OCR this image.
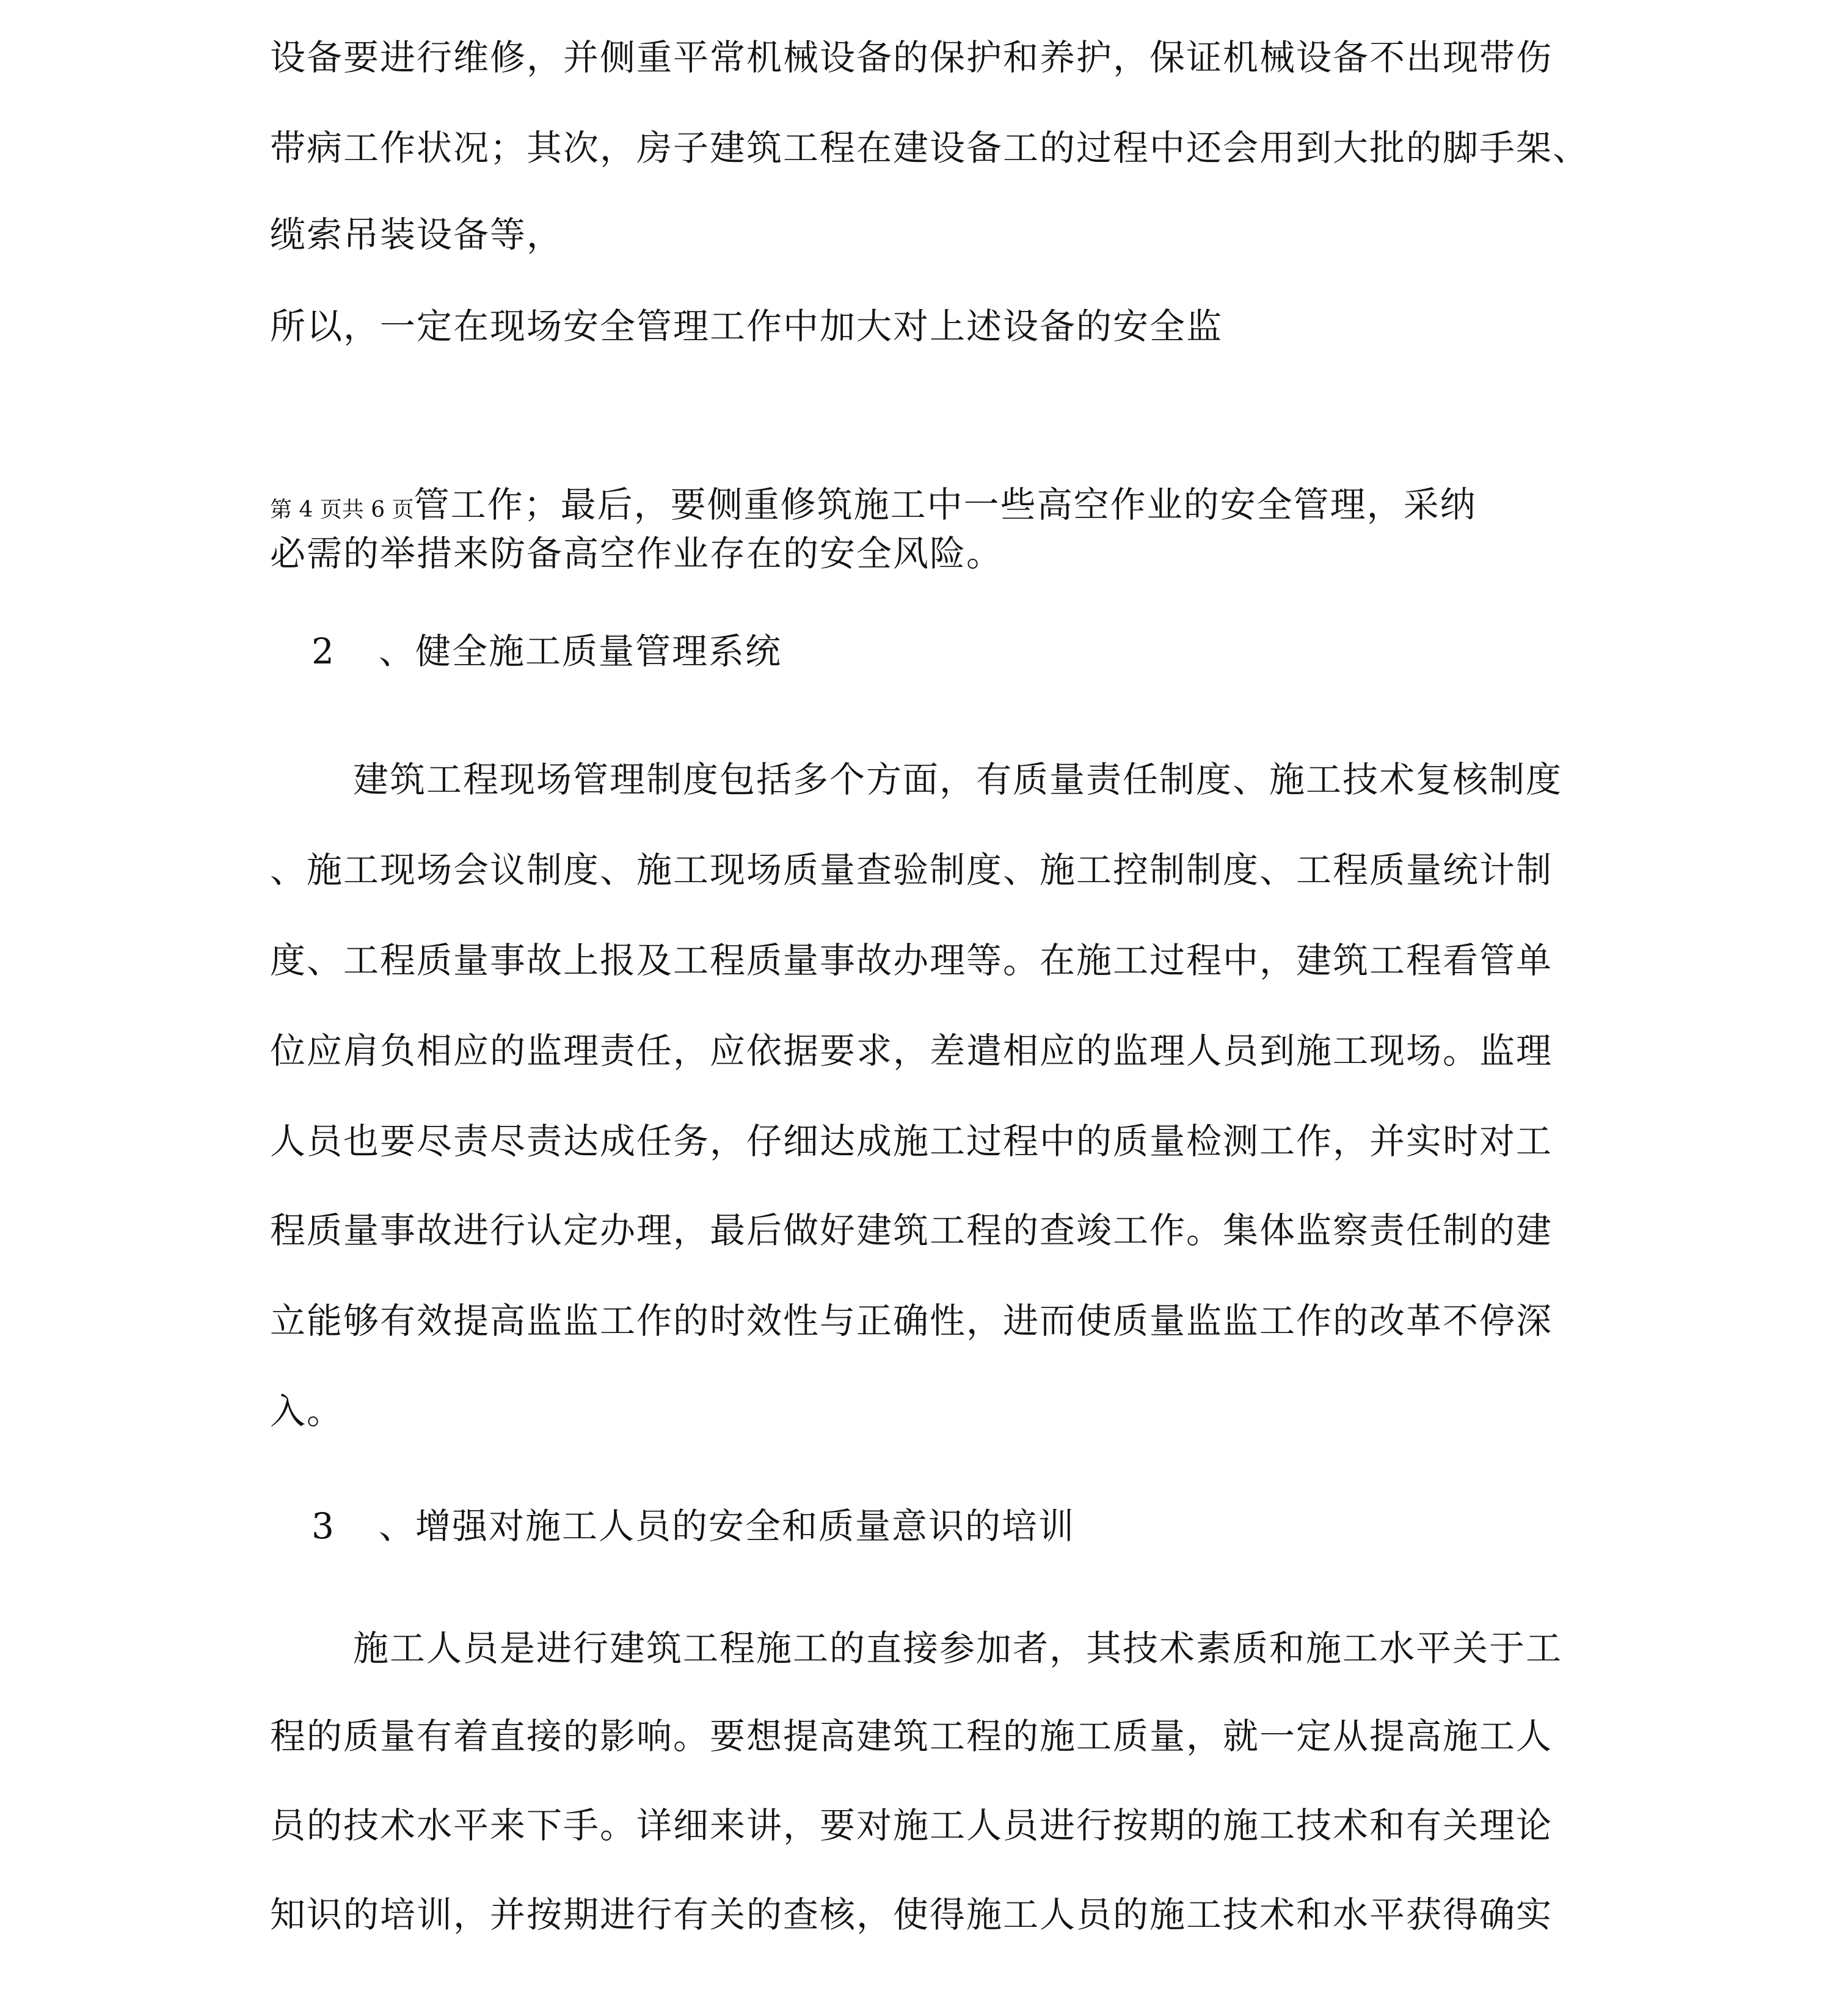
设备要进行维修，并侧重平常机械设备的保护和养护，保证机械设备不出现带伤
带病工作状况；其次，房子建筑工程在建设备工的过程中还会用到大批的脚手架、
缆索吊装设备等，
所以，一定在现场安全管理工作中加大对上述设备的安全监
第 4 页共 6 页管工作；最后，要侧重修筑施工中一些高空作业的安全管理，采纳
必需的举措来防备高空作业存在的安全风险。
2 、健全施工质量管理系统
建筑工程现场管理制度包括多个方面，有质量责任制度、施工技术复核制度
、施工现场会议制度、施工现场质量查验制度、施工控制制度、工程质量统计制
度、工程质量事故上报及工程质量事故办理等。在施工过程中，建筑工程看管单
位应肩负相应的监理责任，应依据要求，差遣相应的监理人员到施工现场。监理
人员也要尽责尽责达成任务，仔细达成施工过程中的质量检测工作，并实时对工
程质量事故进行认定办理，最后做好建筑工程的查竣工作。集体监察责任制的建
立能够有效提高监监工作的时效性与正确性，进而使质量监监工作的改革不停深
入。
3 、增强对施工人员的安全和质量意识的培训
施工人员是进行建筑工程施工的直接参加者，其技术素质和施工水平关于工
程的质量有着直接的影响。要想提高建筑工程的施工质量，就一定从提高施工人
员的技术水平来下手。详细来讲，要对施工人员进行按期的施工技术和有关理论
知识的培训，并按期进行有关的查核，使得施工人员的施工技术和水平获得确实
